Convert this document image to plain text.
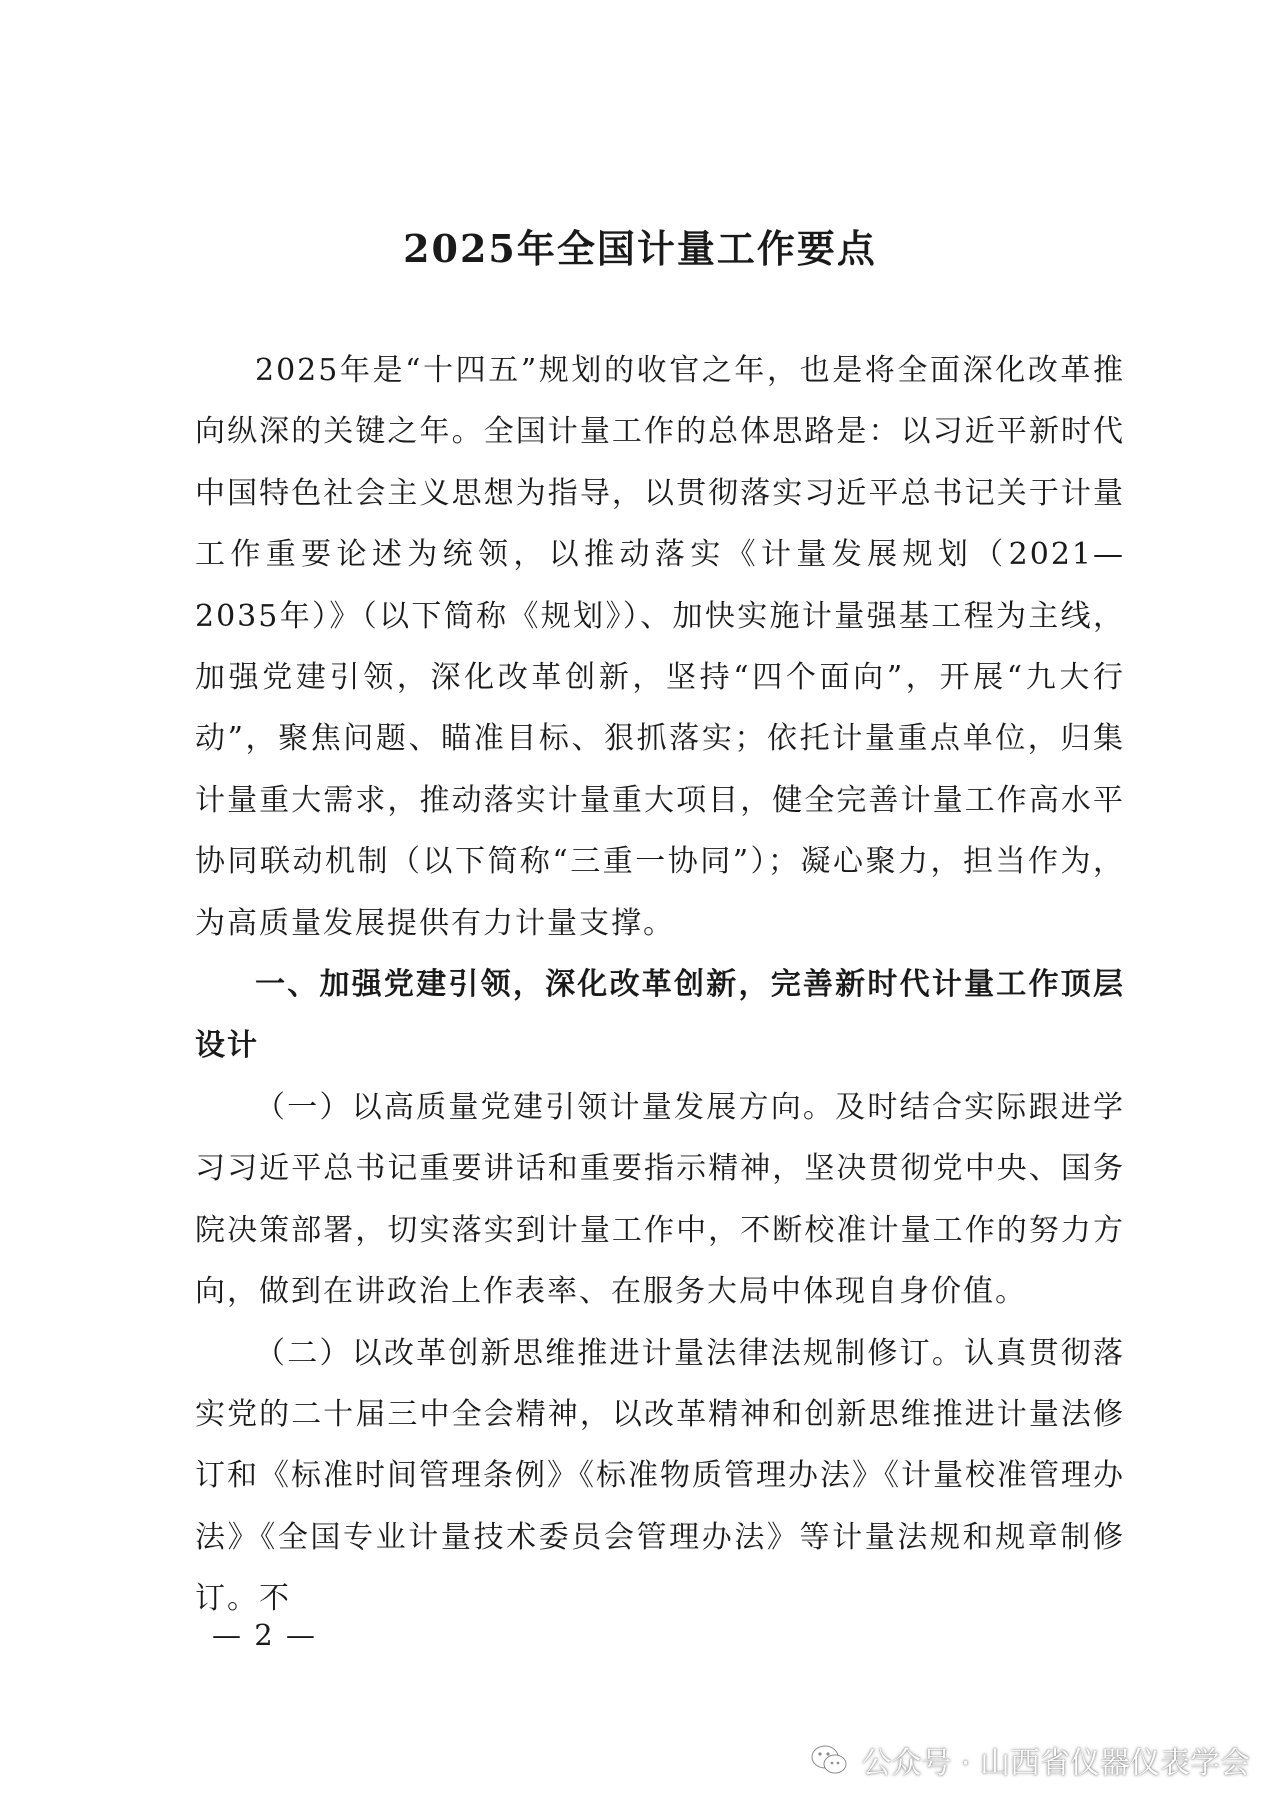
2025年全国计量工作要点

2025年是“十四五”规划的收官之年，也是将全面深化改革推向纵深的关键之年。全国计量工作的总体思路是：以习近平新时代中国特色社会主义思想为指导，以贯彻落实习近平总书记关于计量工作重要论述为统领，以推动落实《计量发展规划（2021—2035年）》（以下简称《规划》）、加快实施计量强基工程为主线，加强党建引领，深化改革创新，坚持“四个面向”，开展“九大行动”，聚焦问题、瞄准目标、狠抓落实；依托计量重点单位，归集计量重大需求，推动落实计量重大项目，健全完善计量工作高水平协同联动机制（以下简称“三重一协同”）；凝心聚力，担当作为，为高质量发展提供有力计量支撑。

一、加强党建引领，深化改革创新，完善新时代计量工作顶层设计

（一）以高质量党建引领计量发展方向。及时结合实际跟进学习习近平总书记重要讲话和重要指示精神，坚决贯彻党中央、国务院决策部署，切实落实到计量工作中，不断校准计量工作的努力方向，做到在讲政治上作表率、在服务大局中体现自身价值。

（二）以改革创新思维推进计量法律法规制修订。认真贯彻落实党的二十届三中全会精神，以改革精神和创新思维推进计量法修订和《标准时间管理条例》《标准物质管理办法》《计量校准管理办法》《全国专业计量技术委员会管理办法》等计量法规和规章制修订。不

— 2 —
公众号 · 山西省仪器仪表学会
